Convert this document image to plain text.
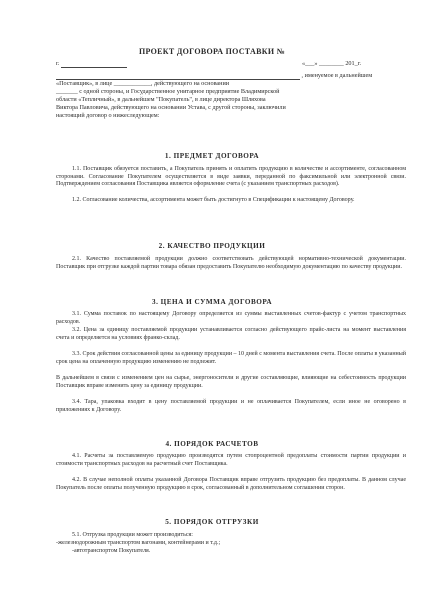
ПРОЕКТ ДОГОВОРА ПОСТАВКИ №
г.	«___» ________ 201_г.
, именуемое в дальнейшем
«Поставщик», в лице ____________, действующего на основании
_______ с одной стороны, и Государственное унитарное предприятие Владимирской
области «Тепличный», в дальнейшем "Покупатель", в лице директора Шляхова
Виктора Павловича, действующего на основании Устава, с другой стороны, заключили
настоящий договор о нижеследующем:
1. ПРЕДМЕТ ДОГОВОРА
1.1. Поставщик обязуется поставить, а Покупатель принять и оплатить продукцию в количестве и ассортименте, согласованном сторонами. Согласование Покупателем осуществляется в виде заявки, переданной по факсимильной или электронной связи. Подтверждением согласования Поставщика является оформление счета (с указанием транспортных расходов).
1.2. Согласование количества, ассортимента может быть достигнуто в Спецификации к настоящему Договору.
2. КАЧЕСТВО ПРОДУКЦИИ
2.1. Качество поставляемой продукции должно соответствовать действующей нормативно-технической документации. Поставщик при отгрузке каждой партии товара обязан предоставить Покупателю необходимую документацию по качеству продукции.
3. ЦЕНА И СУММА ДОГОВОРА
3.1. Сумма поставок по настоящему Договору определяется из суммы выставленных счетов-фактур с учетом транспортных расходов.
3.2. Цена за единицу поставляемой продукции устанавливается согласно действующего прайс-листа на момент выставления счета и определяется на условиях франко-склад.
3.3. Срок действия согласованной цены за единицу продукции – 10 дней с момента выставления счета. После оплаты в указанный срок цена на оплаченную продукцию изменению не подлежит.
В дальнейшем в связи с изменением цен на сырье, энергоносители и другие составляющие, влияющие на себестоимость продукции Поставщик вправе изменить цену за единицу продукции.
3.4. Тара, упаковка входит в цену поставляемой продукции и не оплачивается Покупателем, если иное не оговорено в приложениях к Договору.
4. ПОРЯДОК РАСЧЕТОВ
4.1. Расчеты за поставляемую продукцию производятся путем стопроцентной предоплаты стоимости партии продукции и стоимости транспортных расходов на расчетный счет Поставщика.
4.2. В случае неполной оплаты указанной Договора Поставщик вправе отгрузить продукцию без предоплаты. В данном случае Покупатель после оплаты полученную продукцию в срок, согласованный в дополнительном соглашении сторон.
5. ПОРЯДОК ОТГРУЗКИ
5.1. Отгрузка продукции может производиться:
-железнодорожным транспортом вагонами, контейнерами и т.д.;
-автотранспортом Покупателя.
